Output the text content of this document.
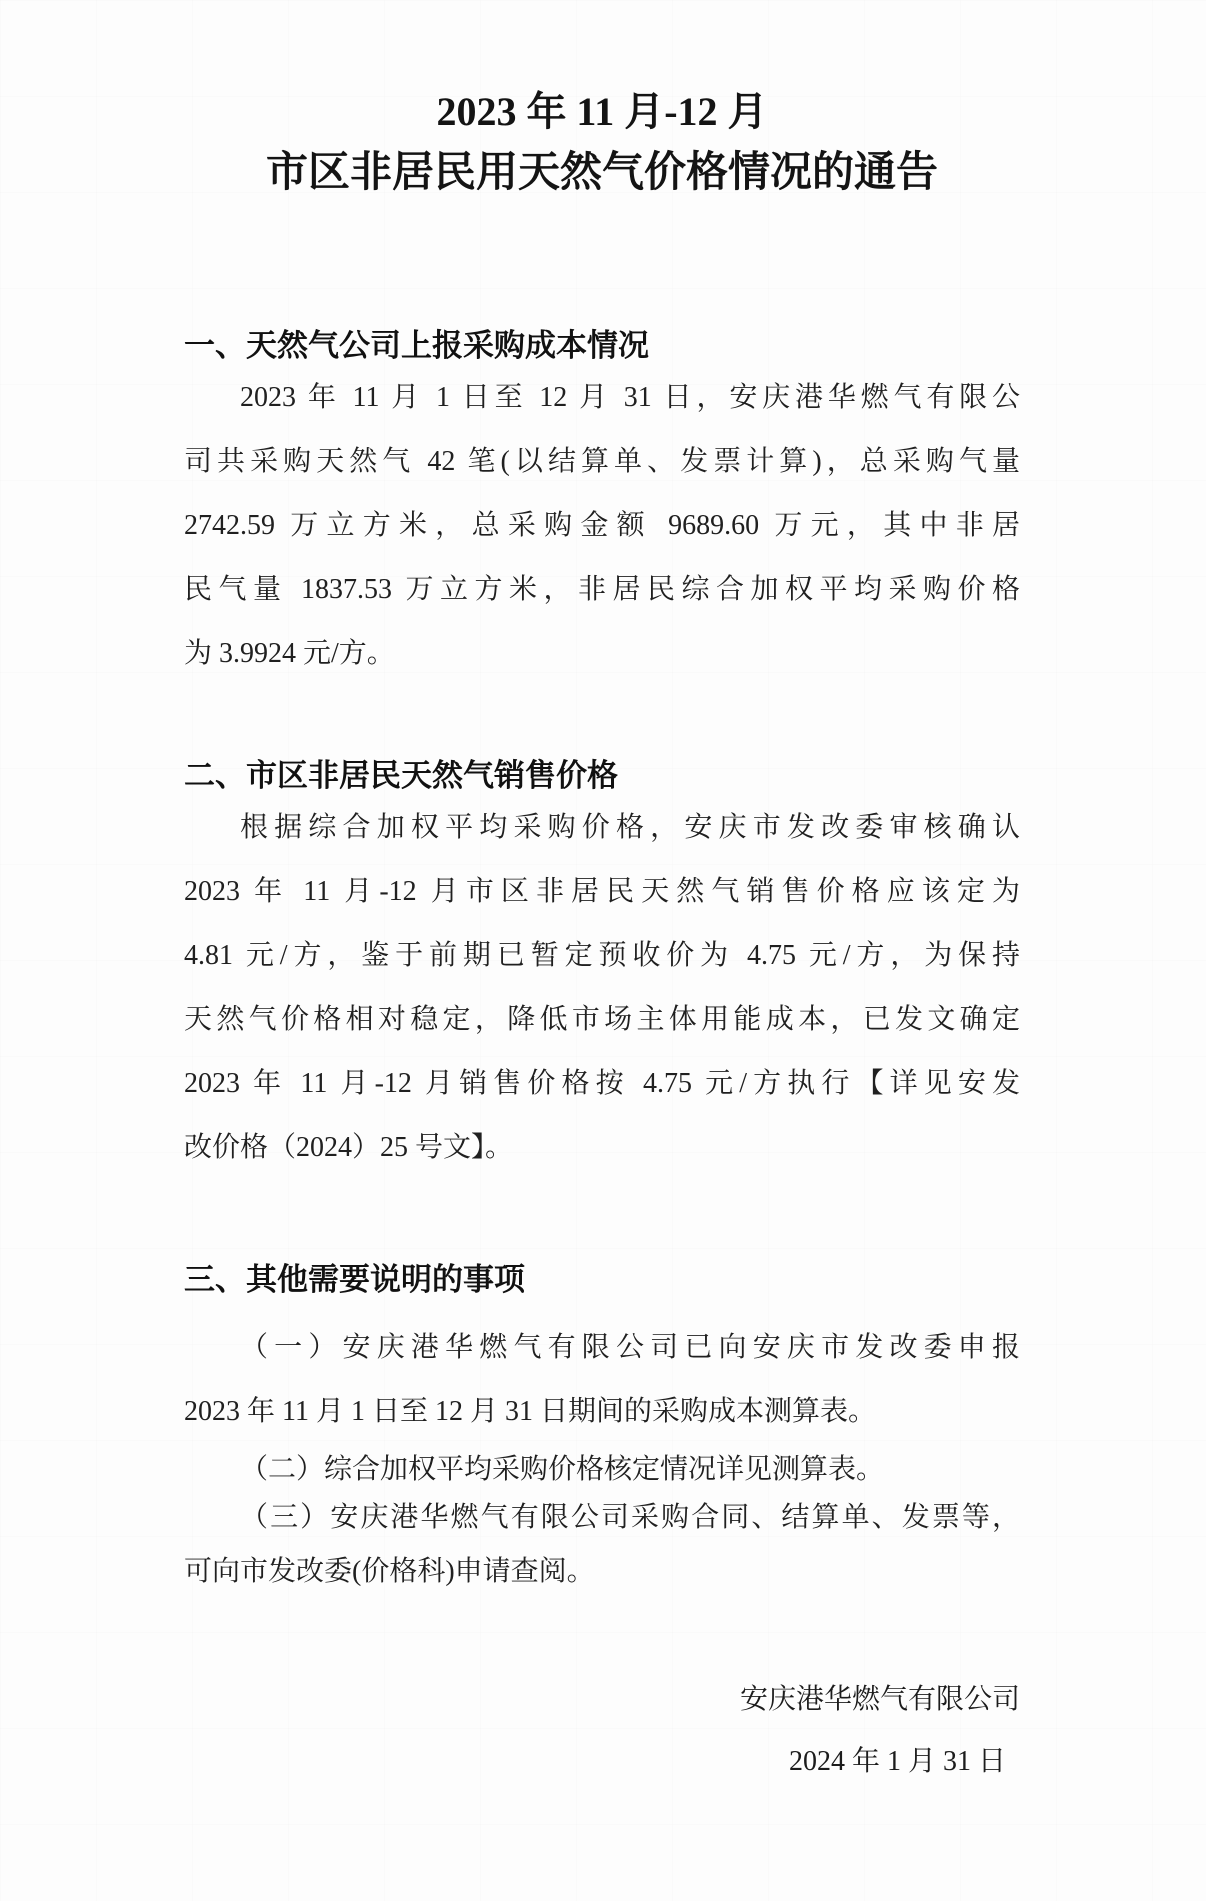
2023 年 11 月-12 月
市区非居民用天然气价格情况的通告
一、天然气公司上报采购成本情况

2023 年 11 月 1 日至 12 月 31 日，安庆港华燃气有限公

司共采购天然气 42 笔(以结算单、发票计算)，总采购气量

2742.59 万立方米，总采购金额 9689.60 万元，其中非居

民气量 1837.53 万立方米，非居民综合加权平均采购价格

为 3.9924 元/方。

二、市区非居民天然气销售价格

根据综合加权平均采购价格，安庆市发改委审核确认

2023 年 11 月-12 月市区非居民天然气销售价格应该定为

4.81 元/方，鉴于前期已暂定预收价为 4.75 元/方，为保持

天然气价格相对稳定，降低市场主体用能成本，已发文确定

2023 年 11 月-12 月销售价格按 4.75 元/方执行【详见安发

改价格（2024）25 号文】。

三、其他需要说明的事项

（一）安庆港华燃气有限公司已向安庆市发改委申报

2023 年 11 月 1 日至 12 月 31 日期间的采购成本测算表。

（二）综合加权平均采购价格核定情况详见测算表。

（三）安庆港华燃气有限公司采购合同、结算单、发票等，

可向市发改委(价格科)申请查阅。

安庆港华燃气有限公司

2024 年 1 月 31 日
